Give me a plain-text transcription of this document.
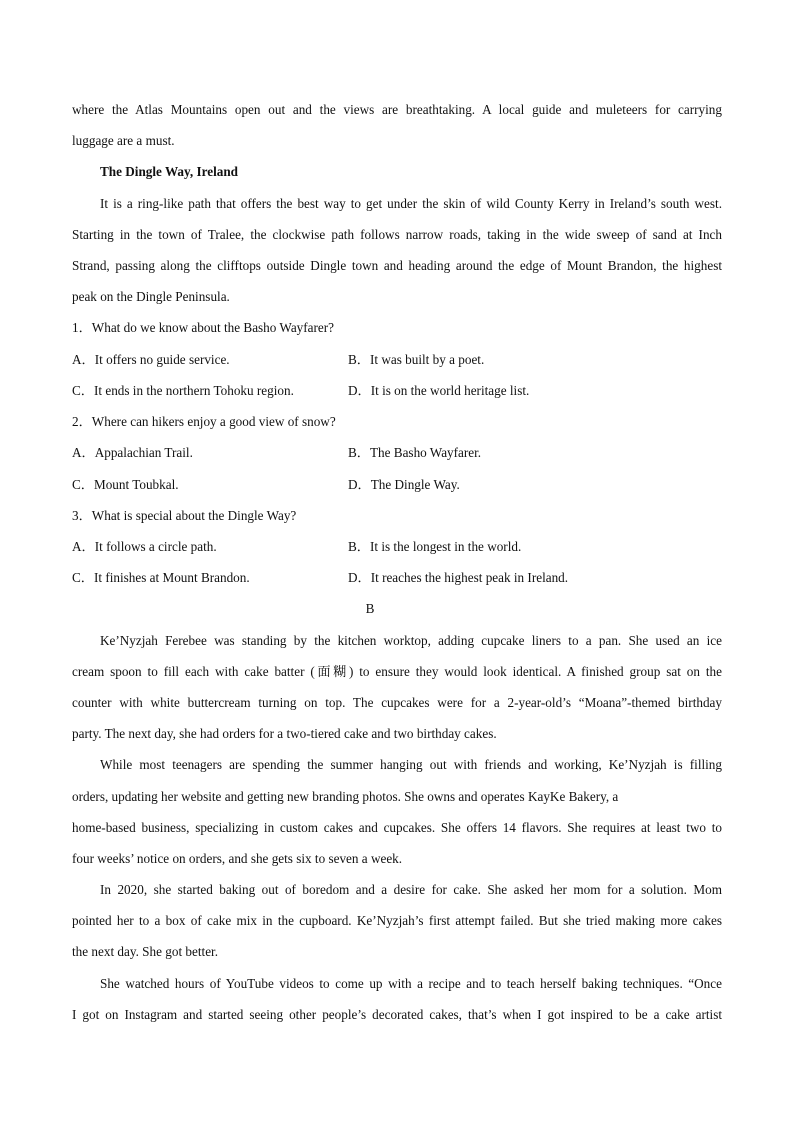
where the Atlas Mountains open out and the views are breathtaking. A local guide and muleteers for carrying
luggage are a must.
The Dingle Way, Ireland
It is a ring-like path that offers the best way to get under the skin of wild County Kerry in Ireland’s south west.
Starting in the town of Tralee, the clockwise path follows narrow roads, taking in the wide sweep of sand at Inch
Strand, passing along the clifftops outside Dingle town and heading around the edge of Mount Brandon, the highest
peak on the Dingle Peninsula.
1．What do we know about the Basho Wayfarer?
A．It offers no guide service.	B．It was built by a poet.
C．It ends in the northern Tohoku region.	D．It is on the world heritage list.
2．Where can hikers enjoy a good view of snow?
A．Appalachian Trail.	B．The Basho Wayfarer.
C．Mount Toubkal.	D．The Dingle Way.
3．What is special about the Dingle Way?
A．It follows a circle path.	B．It is the longest in the world.
C．It finishes at Mount Brandon.	D．It reaches the highest peak in Ireland.
B
Ke’Nyzjah Ferebee was standing by the kitchen worktop, adding cupcake liners to a pan. She used an ice
cream spoon to fill each with cake batter (面糊) to ensure they would look identical. A finished group sat on the
counter with white buttercream turning on top. The cupcakes were for a 2-year-old’s “Moana”-themed birthday
party. The next day, she had orders for a two-tiered cake and two birthday cakes.
While most teenagers are spending the summer hanging out with friends and working, Ke’Nyzjah is filling
orders, updating her website and getting new branding photos. She owns and operates KayKe Bakery, a
home-based business, specializing in custom cakes and cupcakes. She offers 14 flavors. She requires at least two to
four weeks’ notice on orders, and she gets six to seven a week.
In 2020, she started baking out of boredom and a desire for cake. She asked her mom for a solution. Mom
pointed her to a box of cake mix in the cupboard. Ke’Nyzjah’s first attempt failed. But she tried making more cakes
the next day. She got better.
She watched hours of YouTube videos to come up with a recipe and to teach herself baking techniques. “Once
I got on Instagram and started seeing other people’s decorated cakes, that’s when I got inspired to be a cake artist
